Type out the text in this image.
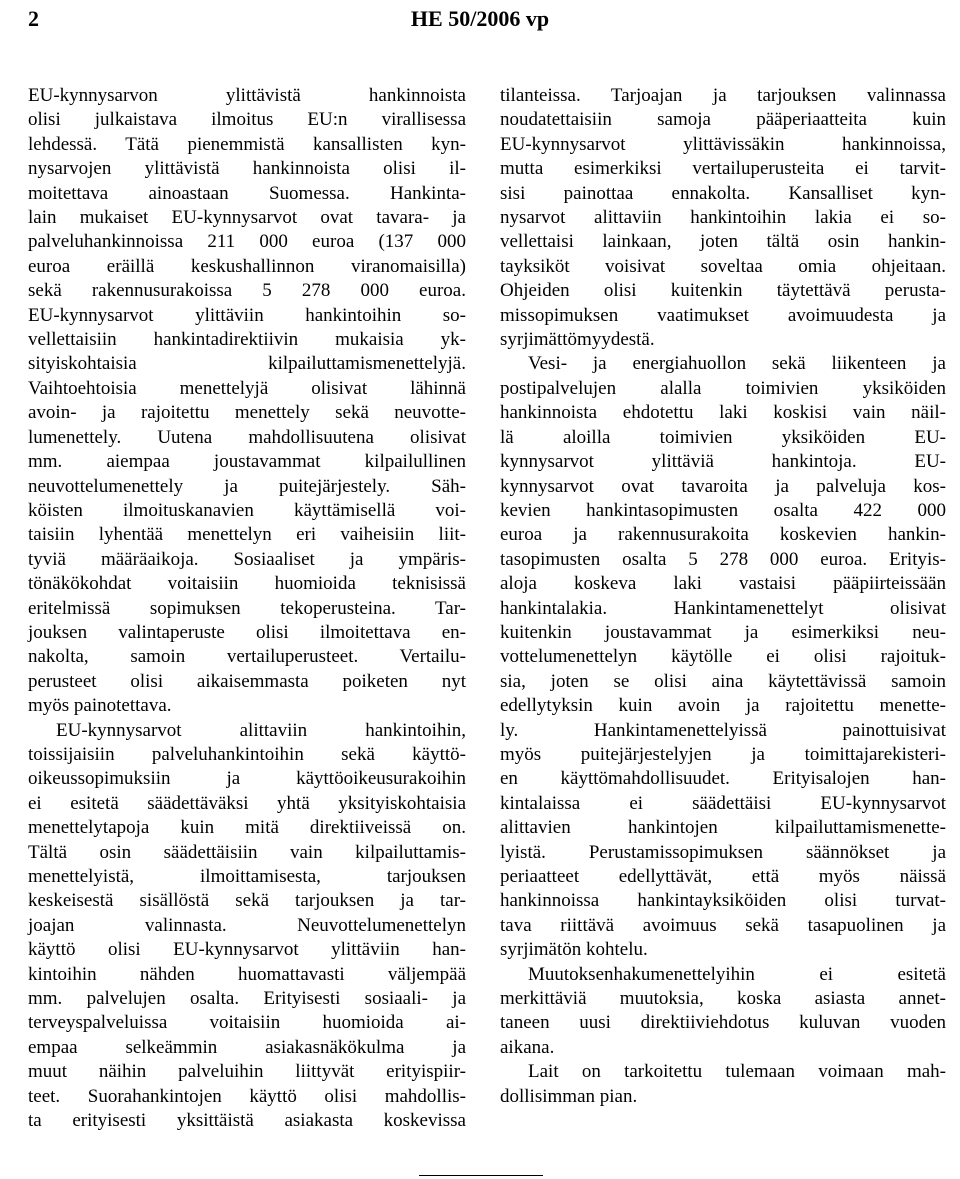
2	HE 50/2006 vp
EU-kynnysarvon ylittävistä hankinnoista
olisi julkaistava ilmoitus EU:n virallisessa
lehdessä. Tätä pienemmistä kansallisten kyn-
nysarvojen ylittävistä hankinnoista olisi il-
moitettava ainoastaan Suomessa. Hankinta-
lain mukaiset EU-kynnysarvot ovat tavara- ja
palveluhankinnoissa 211 000 euroa (137 000
euroa eräillä keskushallinnon viranomaisilla)
sekä rakennusurakoissa 5 278 000 euroa.
EU-kynnysarvot ylittäviin hankintoihin so-
vellettaisiin hankintadirektiivin mukaisia yk-
sityiskohtaisia kilpailuttamismenettelyjä.
Vaihtoehtoisia menettelyjä olisivat lähinnä
avoin- ja rajoitettu menettely sekä neuvotte-
lumenettely. Uutena mahdollisuutena olisivat
mm. aiempaa joustavammat kilpailullinen
neuvottelumenettely ja puitejärjestely. Säh-
köisten ilmoituskanavien käyttämisellä voi-
taisiin lyhentää menettelyn eri vaiheisiin liit-
tyviä määräaikoja. Sosiaaliset ja ympäris-
tönäkökohdat voitaisiin huomioida teknisissä
eritelmissä sopimuksen tekoperusteina. Tar-
jouksen valintaperuste olisi ilmoitettava en-
nakolta, samoin vertailuperusteet. Vertailu-
perusteet olisi aikaisemmasta poiketen nyt
myös painotettava.
EU-kynnysarvot alittaviin hankintoihin,
toissijaisiin palveluhankintoihin sekä käyttö-
oikeussopimuksiin ja käyttöoikeusurakoihin
ei esitetä säädettäväksi yhtä yksityiskohtaisia
menettelytapoja kuin mitä direktiiveissä on.
Tältä osin säädettäisiin vain kilpailuttamis-
menettelyistä, ilmoittamisesta, tarjouksen
keskeisestä sisällöstä sekä tarjouksen ja tar-
joajan valinnasta. Neuvottelumenettelyn
käyttö olisi EU-kynnysarvot ylittäviin han-
kintoihin nähden huomattavasti väljempää
mm. palvelujen osalta. Erityisesti sosiaali- ja
terveyspalveluissa voitaisiin huomioida ai-
empaa selkeämmin asiakasnäkökulma ja
muut näihin palveluihin liittyvät erityispiir-
teet. Suorahankintojen käyttö olisi mahdollis-
ta erityisesti yksittäistä asiakasta koskevissa
tilanteissa. Tarjoajan ja tarjouksen valinnassa
noudatettaisiin samoja pääperiaatteita kuin
EU-kynnysarvot ylittävissäkin hankinnoissa,
mutta esimerkiksi vertailuperusteita ei tarvit-
sisi painottaa ennakolta. Kansalliset kyn-
nysarvot alittaviin hankintoihin lakia ei so-
vellettaisi lainkaan, joten tältä osin hankin-
tayksiköt voisivat soveltaa omia ohjeitaan.
Ohjeiden olisi kuitenkin täytettävä perusta-
missopimuksen vaatimukset avoimuudesta ja
syrjimättömyydestä.
Vesi- ja energiahuollon sekä liikenteen ja
postipalvelujen alalla toimivien yksiköiden
hankinnoista ehdotettu laki koskisi vain näil-
lä aloilla toimivien yksiköiden EU-
kynnysarvot ylittäviä hankintoja. EU-
kynnysarvot ovat tavaroita ja palveluja kos-
kevien hankintasopimusten osalta 422 000
euroa ja rakennusurakoita koskevien hankin-
tasopimusten osalta 5 278 000 euroa. Erityis-
aloja koskeva laki vastaisi pääpiirteissään
hankintalakia. Hankintamenettelyt olisivat
kuitenkin joustavammat ja esimerkiksi neu-
vottelumenettelyn käytölle ei olisi rajoituk-
sia, joten se olisi aina käytettävissä samoin
edellytyksin kuin avoin ja rajoitettu menette-
ly. Hankintamenettelyissä painottuisivat
myös puitejärjestelyjen ja toimittajarekisteri-
en käyttömahdollisuudet. Erityisalojen han-
kintalaissa ei säädettäisi EU-kynnysarvot
alittavien hankintojen kilpailuttamismenette-
lyistä. Perustamissopimuksen säännökset ja
periaatteet edellyttävät, että myös näissä
hankinnoissa hankintayksiköiden olisi turvat-
tava riittävä avoimuus sekä tasapuolinen ja
syrjimätön kohtelu.
Muutoksenhakumenettelyihin ei esitetä
merkittäviä muutoksia, koska asiasta annet-
taneen uusi direktiiviehdotus kuluvan vuoden
aikana.
Lait on tarkoitettu tulemaan voimaan mah-
dollisimman pian.
